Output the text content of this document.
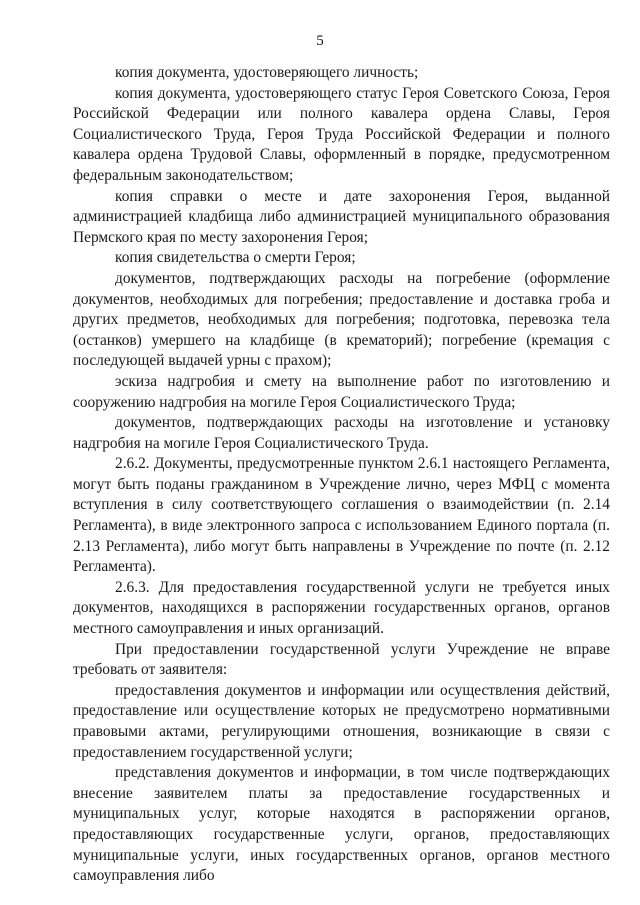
5

копия документа, удостоверяющего личность;

копия документа, удостоверяющего статус Героя Советского Союза, Героя Российской Федерации или полного кавалера ордена Славы, Героя Социалистического Труда, Героя Труда Российской Федерации и полного кавалера ордена Трудовой Славы, оформленный в порядке, предусмотренном федеральным законодательством;

копия справки о месте и дате захоронения Героя, выданной администрацией кладбища либо администрацией муниципального образования Пермского края по месту захоронения Героя;

копия свидетельства о смерти Героя;

документов, подтверждающих расходы на погребение (оформление документов, необходимых для погребения; предоставление и доставка гроба и других предметов, необходимых для погребения; подготовка, перевозка тела (останков) умершего на кладбище (в крематорий); погребение (кремация с последующей выдачей урны с прахом);

эскиза надгробия и смету на выполнение работ по изготовлению и сооружению надгробия на могиле Героя Социалистического Труда;

документов, подтверждающих расходы на изготовление и установку надгробия на могиле Героя Социалистического Труда.

2.6.2. Документы, предусмотренные пунктом 2.6.1 настоящего Регламента, могут быть поданы гражданином в Учреждение лично, через МФЦ с момента вступления в силу соответствующего соглашения о взаимодействии (п. 2.14 Регламента), в виде электронного запроса с использованием Единого портала (п. 2.13 Регламента), либо могут быть направлены в Учреждение по почте (п. 2.12 Регламента).

2.6.3. Для предоставления государственной услуги не требуется иных документов, находящихся в распоряжении государственных органов, органов местного самоуправления и иных организаций.

При предоставлении государственной услуги Учреждение не вправе требовать от заявителя:

предоставления документов и информации или осуществления действий, предоставление или осуществление которых не предусмотрено нормативными правовыми актами, регулирующими отношения, возникающие в связи с предоставлением государственной услуги;

представления документов и информации, в том числе подтверждающих внесение заявителем платы за предоставление государственных и муниципальных услуг, которые находятся в распоряжении органов, предоставляющих государственные услуги, органов, предоставляющих муниципальные услуги, иных государственных органов, органов местного самоуправления либо
